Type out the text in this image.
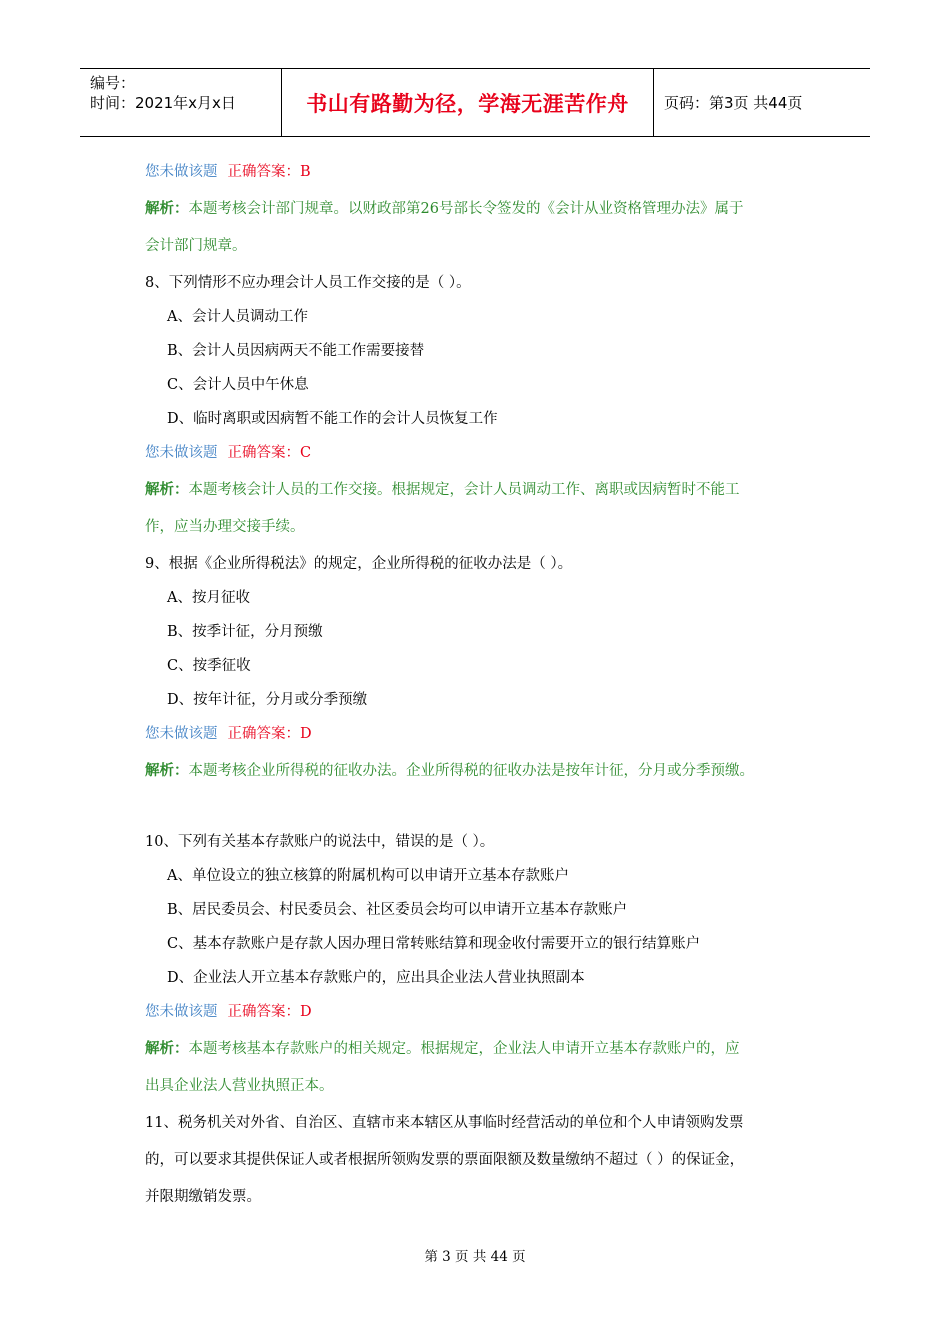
编号：
时间：2021年x月x日	书山有路勤为径，学海无涯苦作舟	页码：第3页 共44页
您未做该题 正确答案：B
解析：本题考核会计部门规章。以财政部第26号部长令签发的《会计从业资格管理办法》属于
会计部门规章。
8、下列情形不应办理会计人员工作交接的是（ ）。
A、会计人员调动工作
B、会计人员因病两天不能工作需要接替
C、会计人员中午休息
D、临时离职或因病暂不能工作的会计人员恢复工作
您未做该题 正确答案：C
解析：本题考核会计人员的工作交接。根据规定，会计人员调动工作、离职或因病暂时不能工
作，应当办理交接手续。
9、根据《企业所得税法》的规定，企业所得税的征收办法是（ ）。
A、按月征收
B、按季计征，分月预缴
C、按季征收
D、按年计征，分月或分季预缴
您未做该题 正确答案：D
解析：本题考核企业所得税的征收办法。企业所得税的征收办法是按年计征，分月或分季预缴。
10、下列有关基本存款账户的说法中，错误的是（ ）。
A、单位设立的独立核算的附属机构可以申请开立基本存款账户
B、居民委员会、村民委员会、社区委员会均可以申请开立基本存款账户
C、基本存款账户是存款人因办理日常转账结算和现金收付需要开立的银行结算账户
D、企业法人开立基本存款账户的，应出具企业法人营业执照副本
您未做该题 正确答案：D
解析：本题考核基本存款账户的相关规定。根据规定，企业法人申请开立基本存款账户的，应
出具企业法人营业执照正本。
11、税务机关对外省、自治区、直辖市来本辖区从事临时经营活动的单位和个人申请领购发票
的，可以要求其提供保证人或者根据所领购发票的票面限额及数量缴纳不超过（ ）的保证金，
并限期缴销发票。
第 3 页 共 44 页
